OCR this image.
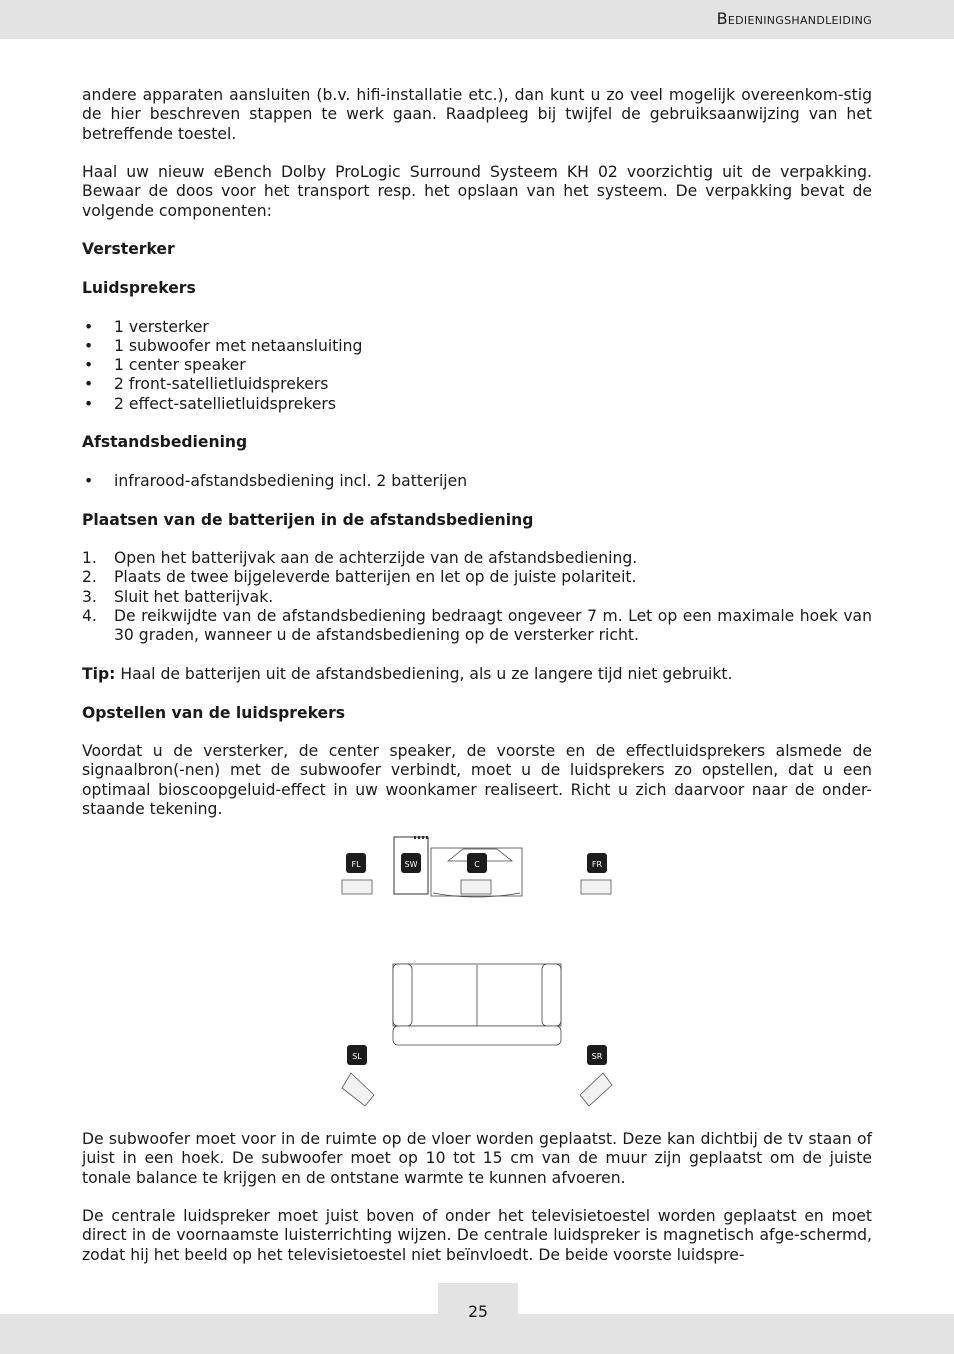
Bedieningshandleiding

andere apparaten aansluiten (b.v. hifi-installatie etc.), dan kunt u zo veel mogelijk overeenkom-stig de hier beschreven stappen te werk gaan. Raadpleeg bij twijfel de gebruiksaanwijzing van het betreffende toestel.

Haal uw nieuw eBench Dolby ProLogic Surround Systeem KH 02 voorzichtig uit de verpakking. Bewaar de doos voor het transport resp. het opslaan van het systeem. De verpakking bevat de volgende componenten:

Versterker
Luidsprekers
• 1 versterker
• 1 subwoofer met netaansluiting
• 1 center speaker
• 2 front-satellietluidsprekers
• 2 effect-satellietluidsprekers
Afstandsbediening
• infrarood-afstandsbediening incl. 2 batterijen
Plaatsen van de batterijen in de afstandsbediening
1. Open het batterijvak aan de achterzijde van de afstandsbediening.
2. Plaats de twee bijgeleverde batterijen en let op de juiste polariteit.
3. Sluit het batterijvak.
4. De reikwijdte van de afstandsbediening bedraagt ongeveer 7 m. Let op een maximale hoek van 30 graden, wanneer u de afstandsbediening op de versterker richt.

Tip: Haal de batterijen uit de afstandsbediening, als u ze langere tijd niet gebruikt.

Opstellen van de luidsprekers

Voordat u de versterker, de center speaker, de voorste en de effectluidsprekers alsmede de signaalbron(-nen) met de subwoofer verbindt, moet u de luidsprekers zo opstellen, dat u een optimaal bioscoopgeluid-effect in uw woonkamer realiseert. Richt u zich daarvoor naar de onder-staande tekening.

FL	SW	C	FR
SL	SR

De subwoofer moet voor in de ruimte op de vloer worden geplaatst. Deze kan dichtbij de tv staan of juist in een hoek. De subwoofer moet op 10 tot 15 cm van de muur zijn geplaatst om de juiste tonale balance te krijgen en de ontstane warmte te kunnen afvoeren.

De centrale luidspreker moet juist boven of onder het televisietoestel worden geplaatst en moet direct in de voornaamste luisterrichting wijzen. De centrale luidspreker is magnetisch afge-schermd, zodat hij het beeld op het televisietoestel niet beïnvloedt. De beide voorste luidspre-

25
